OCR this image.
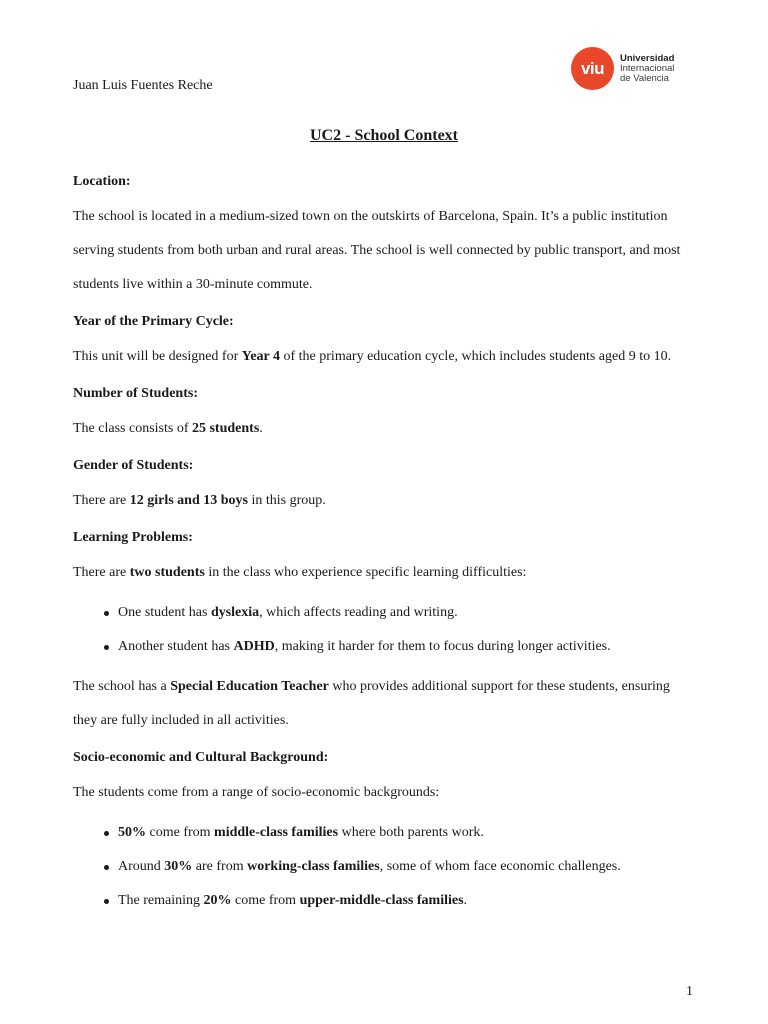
Juan Luis Fuentes Reche
viu
Universidad
Internacional
de Valencia
UC2 - School Context
Location:
The school is located in a medium-sized town on the outskirts of Barcelona, Spain. It’s a public institution serving students from both urban and rural areas. The school is well connected by public transport, and most students live within a 30-minute commute.
Year of the Primary Cycle:
This unit will be designed for Year 4 of the primary education cycle, which includes students aged 9 to 10.
Number of Students:
The class consists of 25 students.
Gender of Students:
There are 12 girls and 13 boys in this group.
Learning Problems:
There are two students in the class who experience specific learning difficulties:
One student has dyslexia, which affects reading and writing.
Another student has ADHD, making it harder for them to focus during longer activities.
The school has a Special Education Teacher who provides additional support for these students, ensuring they are fully included in all activities.
Socio-economic and Cultural Background:
The students come from a range of socio-economic backgrounds:
50% come from middle-class families where both parents work.
Around 30% are from working-class families, some of whom face economic challenges.
The remaining 20% come from upper-middle-class families.
1
